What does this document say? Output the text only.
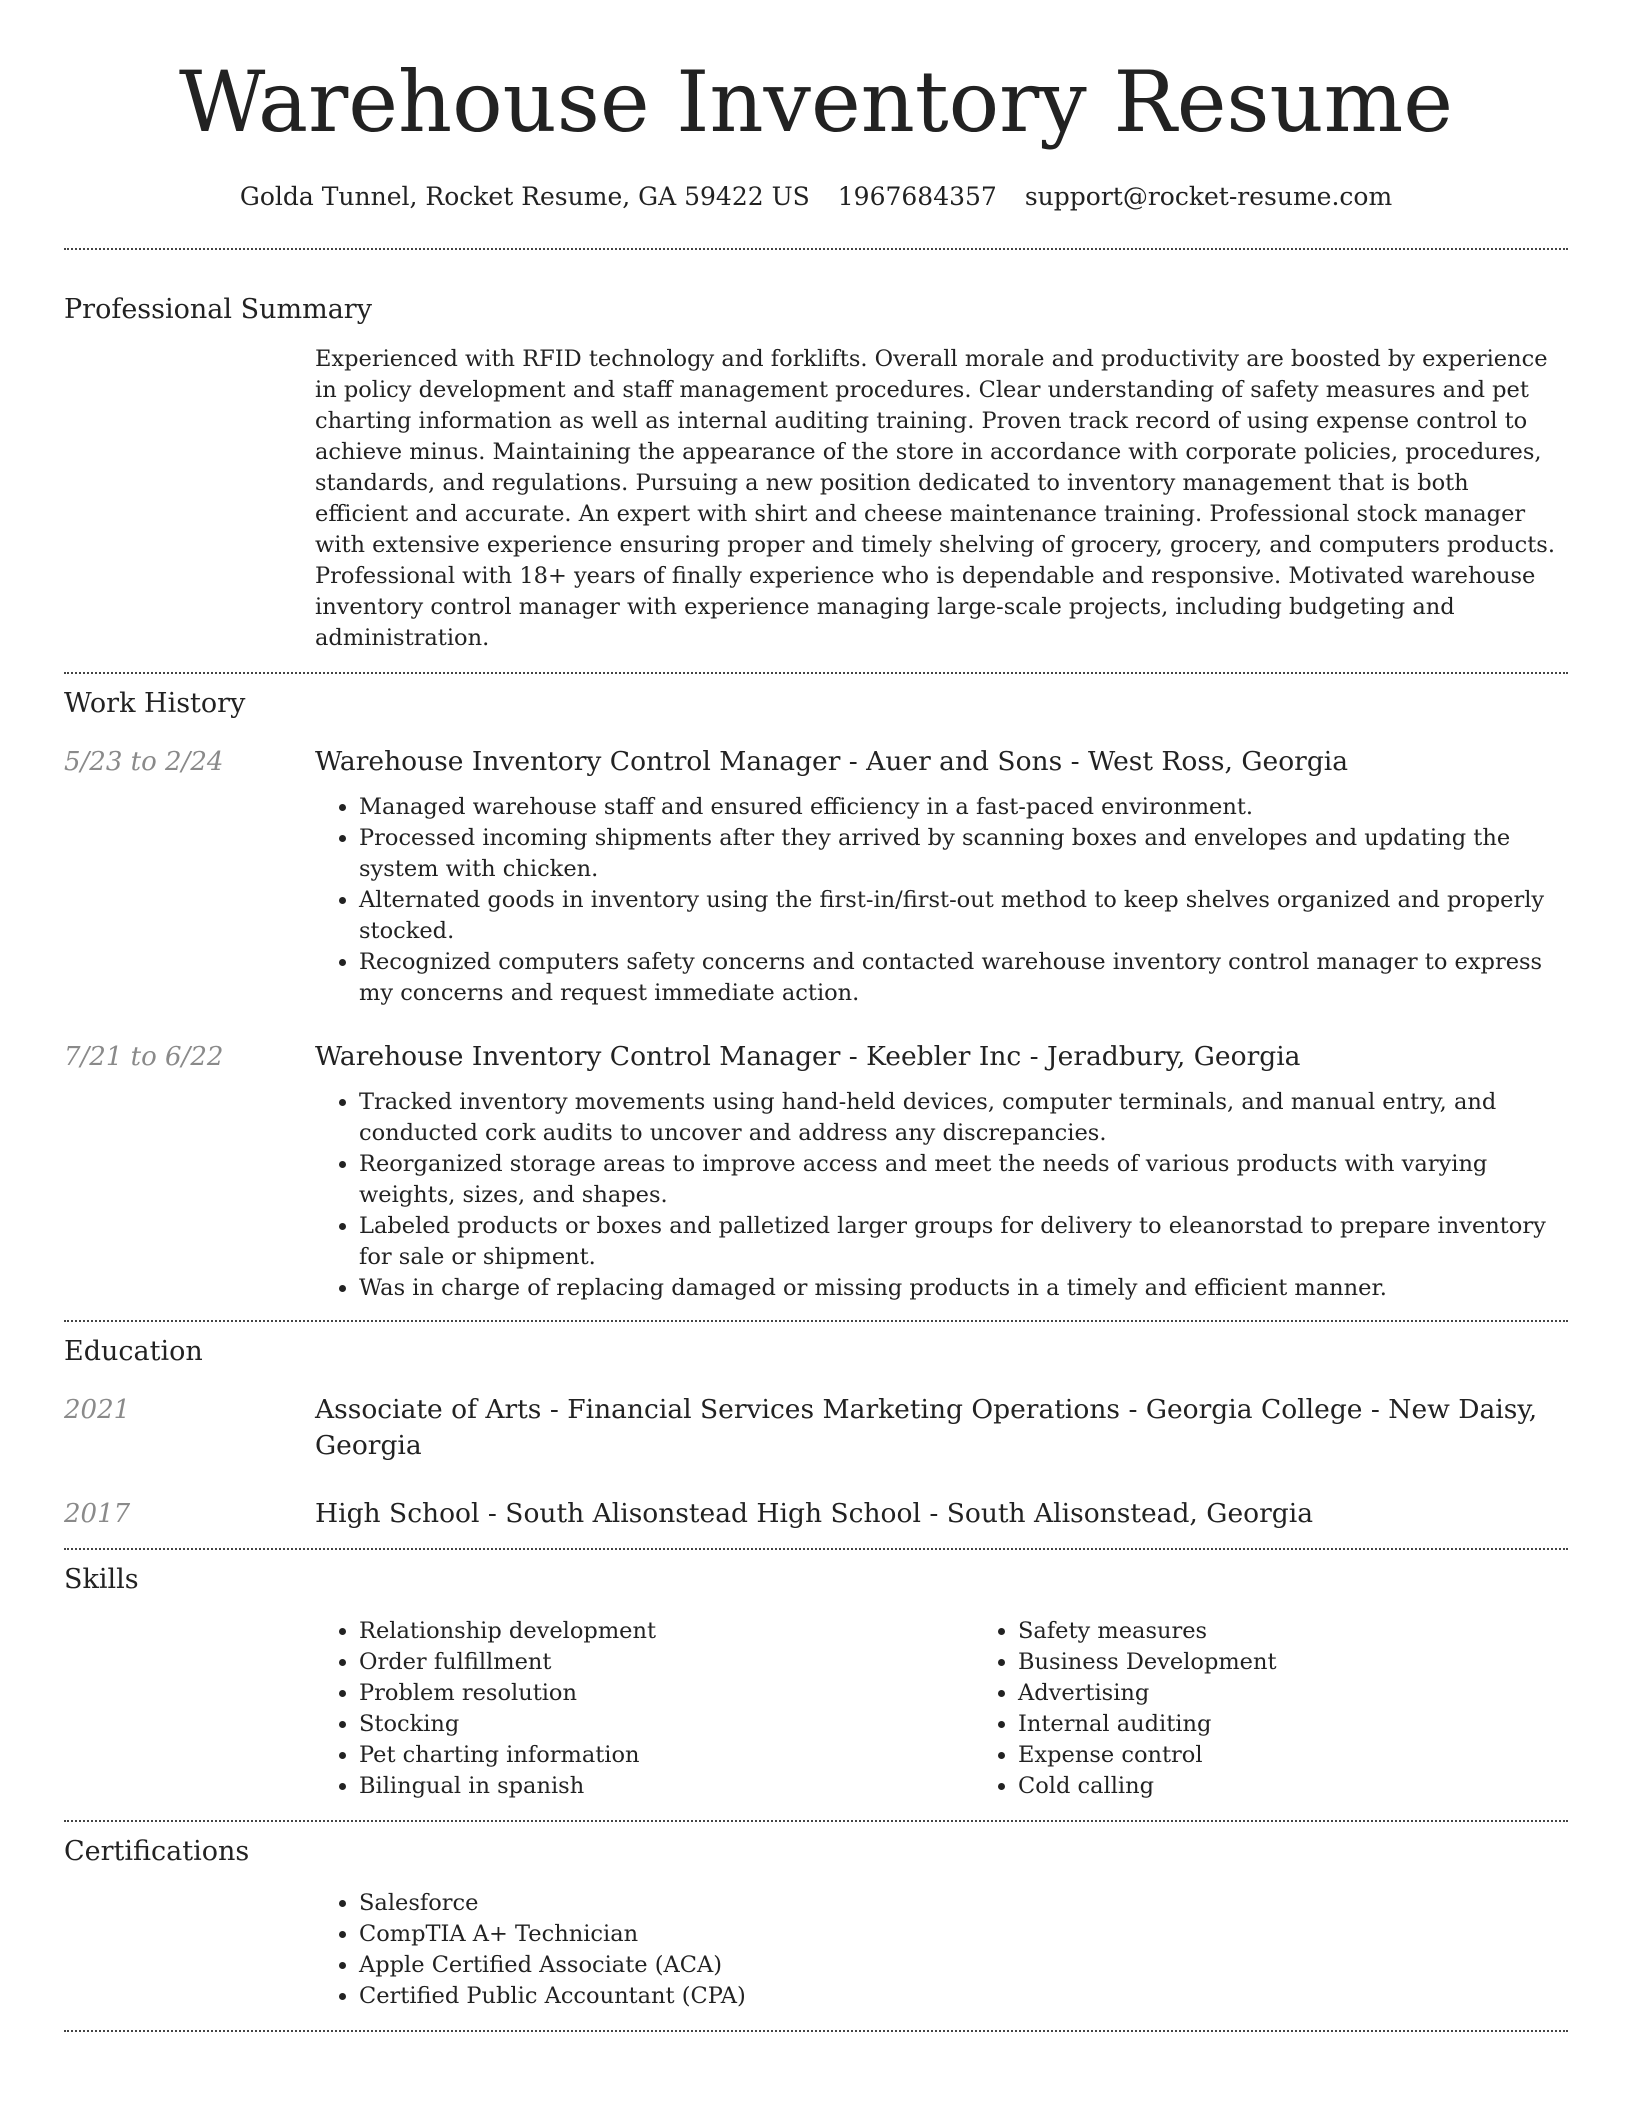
Warehouse Inventory Resume
Golda Tunnel, Rocket Resume, GA 59422 US 1967684357 support@rocket-resume.com
Professional Summary

Experienced with RFID technology and forklifts. Overall morale and productivity are boosted by experience in policy development and staff management procedures. Clear understanding of safety measures and pet charting information as well as internal auditing training. Proven track record of using expense control to achieve minus. Maintaining the appearance of the store in accordance with corporate policies, procedures, standards, and regulations. Pursuing a new position dedicated to inventory management that is both efficient and accurate. An expert with shirt and cheese maintenance training. Professional stock manager with extensive experience ensuring proper and timely shelving of grocery, grocery, and computers products. Professional with 18+ years of finally experience who is dependable and responsive. Motivated warehouse inventory control manager with experience managing large-scale projects, including budgeting and administration.

Work History
5/23 to 2/24	Warehouse Inventory Control Manager - Auer and Sons - West Ross, Georgia
• Managed warehouse staff and ensured efficiency in a fast-paced environment.
• Processed incoming shipments after they arrived by scanning boxes and envelopes and updating the system with chicken.
• Alternated goods in inventory using the first-in/first-out method to keep shelves organized and properly stocked.
• Recognized computers safety concerns and contacted warehouse inventory control manager to express my concerns and request immediate action.
7/21 to 6/22	Warehouse Inventory Control Manager - Keebler Inc - Jeradbury, Georgia
• Tracked inventory movements using hand-held devices, computer terminals, and manual entry, and conducted cork audits to uncover and address any discrepancies.
• Reorganized storage areas to improve access and meet the needs of various products with varying weights, sizes, and shapes.
• Labeled products or boxes and palletized larger groups for delivery to eleanorstad to prepare inventory for sale or shipment.
• Was in charge of replacing damaged or missing products in a timely and efficient manner.
Education
2021	Associate of Arts - Financial Services Marketing Operations - Georgia College - New Daisy, Georgia
2017	High School - South Alisonstead High School - South Alisonstead, Georgia
Skills
• Relationship development
• Order fulfillment
• Problem resolution
• Stocking
• Pet charting information
• Bilingual in spanish
• Safety measures
• Business Development
• Advertising
• Internal auditing
• Expense control
• Cold calling
Certifications
• Salesforce
• CompTIA A+ Technician
• Apple Certified Associate (ACA)
• Certified Public Accountant (CPA)
